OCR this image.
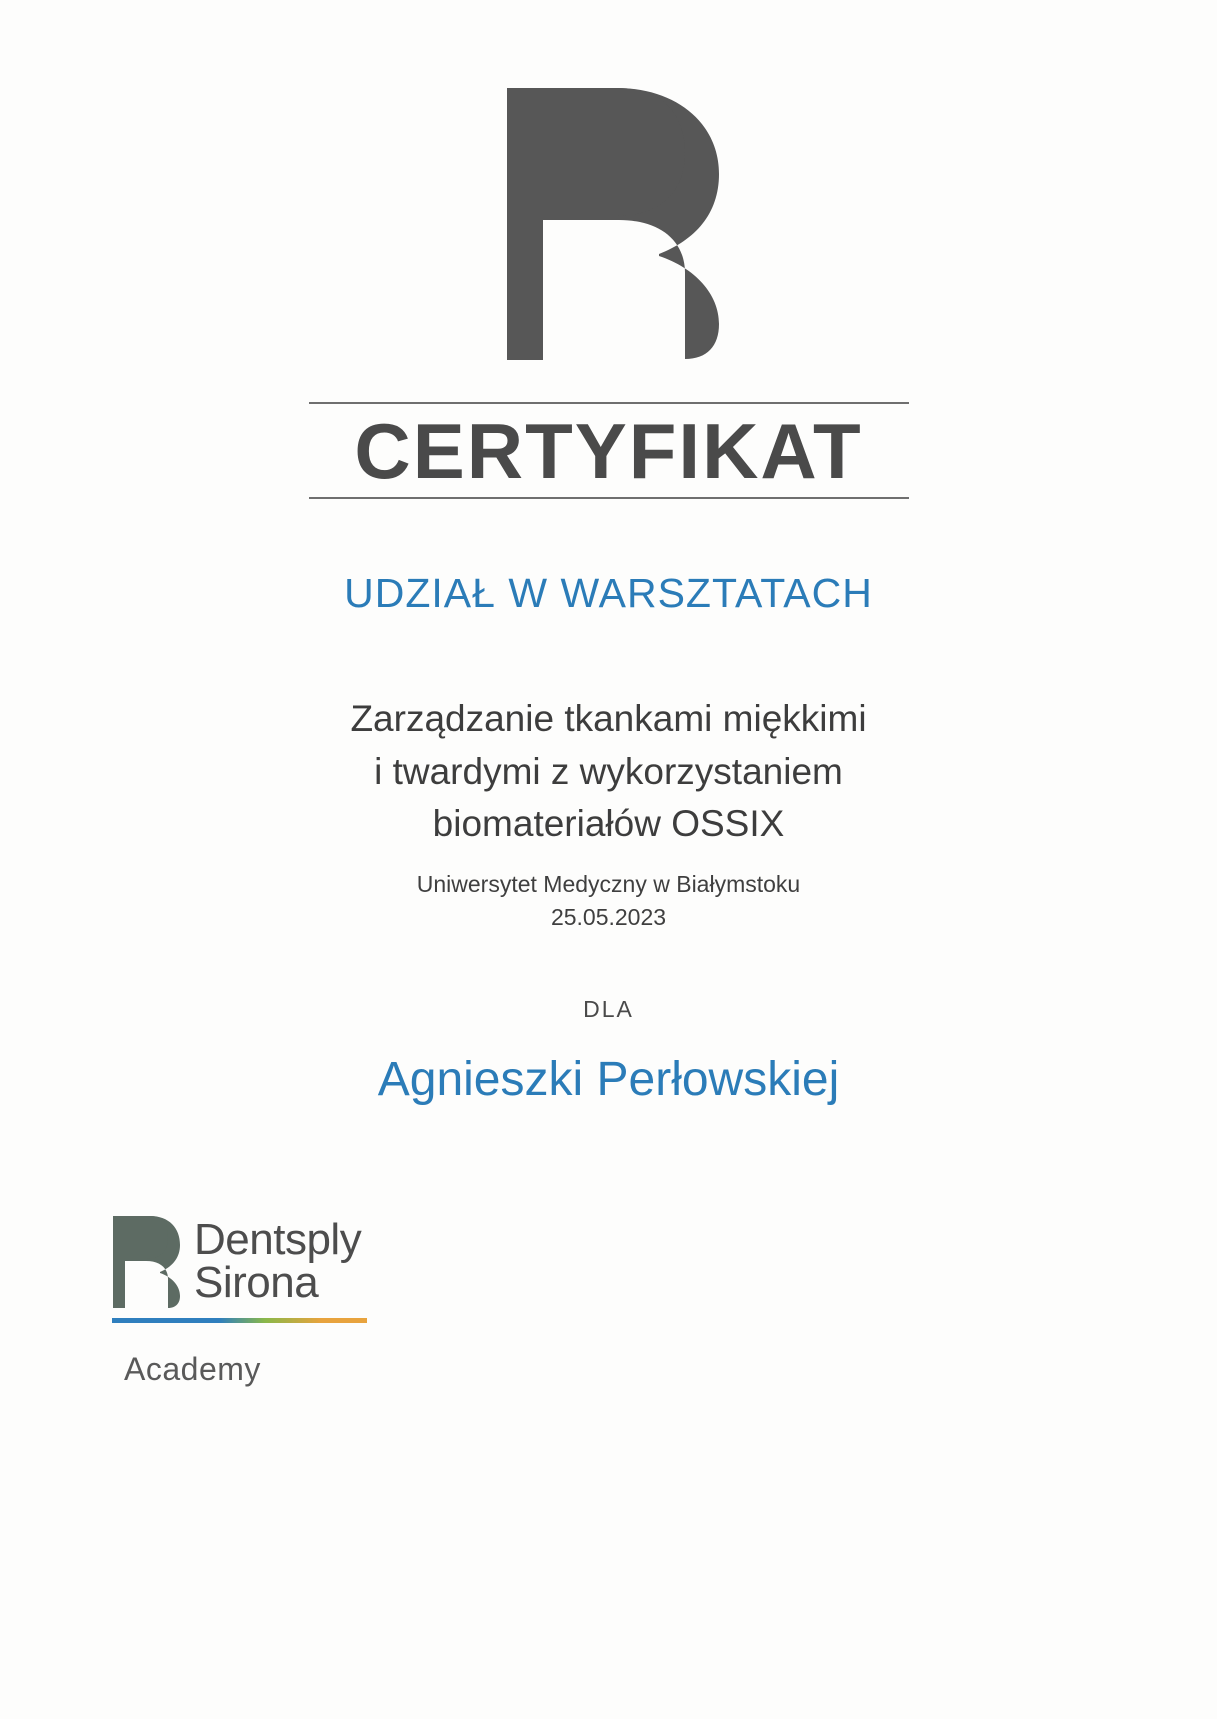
CERTYFIKAT
UDZIAŁ W WARSZTATACH
Zarządzanie tkankami miękkimi
i twardymi z wykorzystaniem
biomateriałów OSSIX
Uniwersytet Medyczny w Białymstoku
25.05.2023
DLA
Agnieszki Perłowskiej
Dentsply
Sirona
Academy
